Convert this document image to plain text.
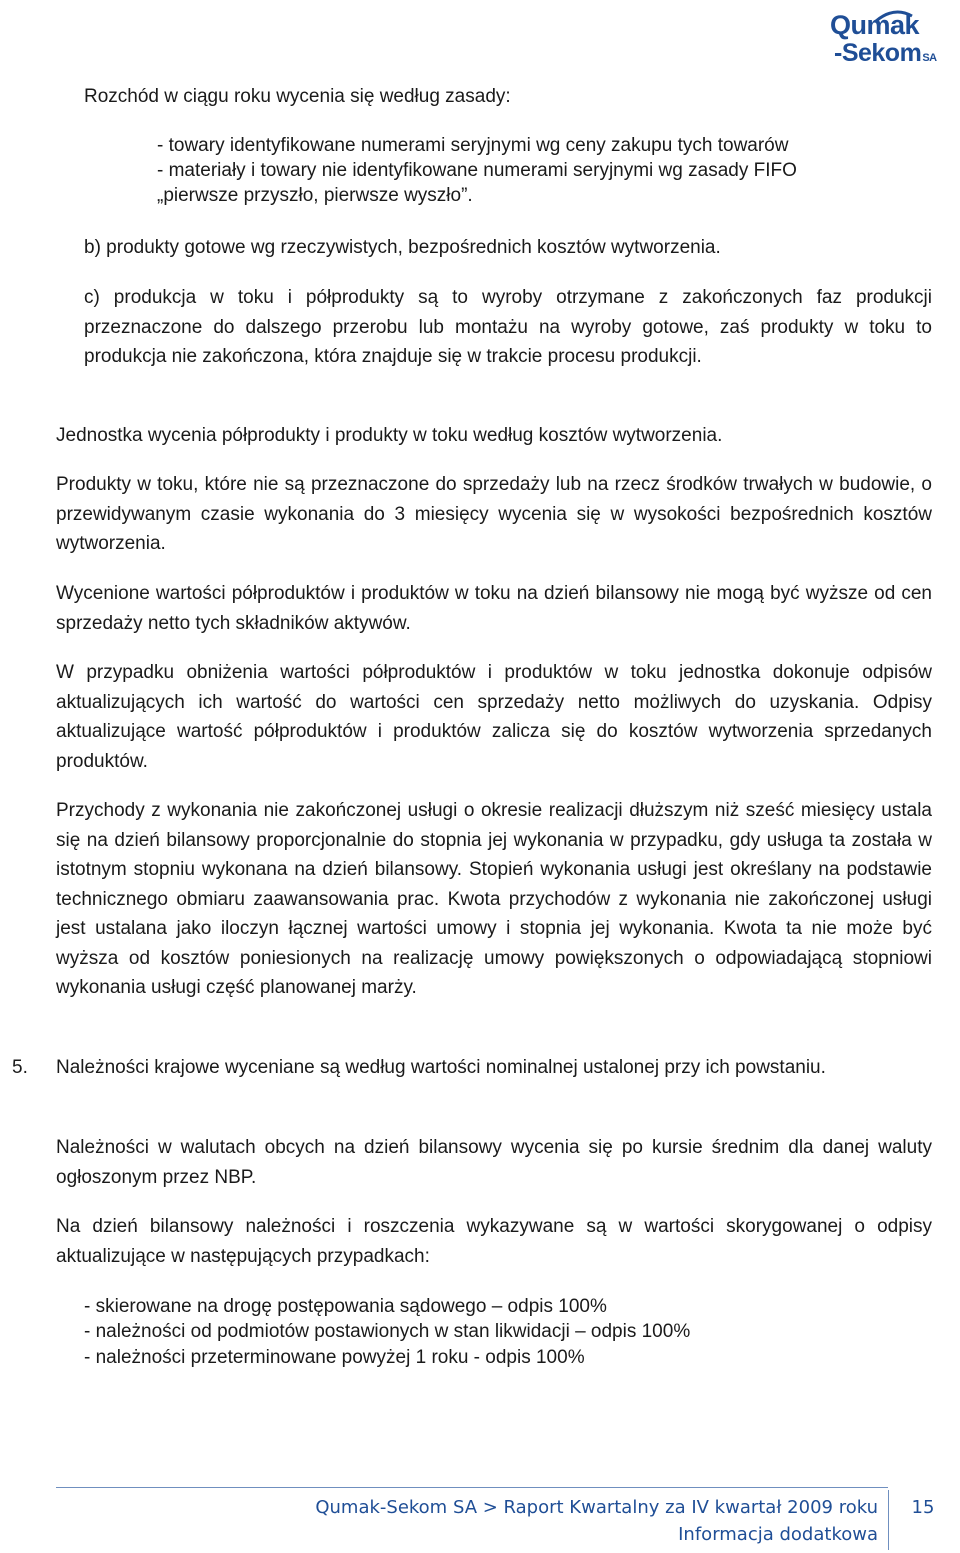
Qumak
-SekomSA

Rozchód w ciągu roku wycenia się według zasady:

- towary identyfikowane numerami seryjnymi wg ceny zakupu tych towarów

- materiały i towary nie identyfikowane numerami seryjnymi wg zasady FIFO

„pierwsze przyszło, pierwsze wyszło”.

b) produkty gotowe wg rzeczywistych, bezpośrednich kosztów wytworzenia.

c) produkcja w toku i półprodukty są to wyroby otrzymane z zakończonych faz produkcji przeznaczone do dalszego przerobu lub montażu na wyroby gotowe, zaś produkty w toku to produkcja nie zakończona, która znajduje się w trakcie procesu produkcji.

Jednostka wycenia półprodukty i produkty w toku według kosztów wytworzenia.

Produkty w toku, które nie są przeznaczone do sprzedaży lub na rzecz środków trwałych w budowie, o przewidywanym czasie wykonania do 3 miesięcy wycenia się w wysokości bezpośrednich kosztów wytworzenia.

Wycenione wartości półproduktów i produktów w toku na dzień bilansowy nie mogą być wyższe od cen sprzedaży netto tych składników aktywów.

W przypadku obniżenia wartości półproduktów i produktów w toku jednostka dokonuje odpisów aktualizujących ich wartość do wartości cen sprzedaży netto możliwych do uzyskania. Odpisy aktualizujące wartość półproduktów i produktów zalicza się do kosztów wytworzenia sprzedanych produktów.

Przychody z wykonania nie zakończonej usługi o okresie realizacji dłuższym niż sześć miesięcy ustala się na dzień bilansowy proporcjonalnie do stopnia jej wykonania w przypadku, gdy usługa ta została w istotnym stopniu wykonana na dzień bilansowy. Stopień wykonania usługi jest określany na podstawie technicznego obmiaru zaawansowania prac. Kwota przychodów z wykonania nie zakończonej usługi jest ustalana jako iloczyn łącznej wartości umowy i stopnia jej wykonania. Kwota ta nie może być wyższa od kosztów poniesionych na realizację umowy powiększonych o odpowiadającą stopniowi wykonania usługi część planowanej marży.

5. Należności krajowe wyceniane są według wartości nominalnej ustalonej przy ich powstaniu.

Należności w walutach obcych na dzień bilansowy wycenia się po kursie średnim dla danej waluty ogłoszonym przez NBP.

Na dzień bilansowy należności i roszczenia wykazywane są w wartości skorygowanej o odpisy aktualizujące w następujących przypadkach:

- skierowane na drogę postępowania sądowego – odpis 100%

- należności od podmiotów postawionych w stan likwidacji – odpis 100%

- należności przeterminowane powyżej 1 roku - odpis 100%

Qumak-Sekom SA > Raport Kwartalny za IV kwartał 2009 roku
Informacja dodatkowa
15
